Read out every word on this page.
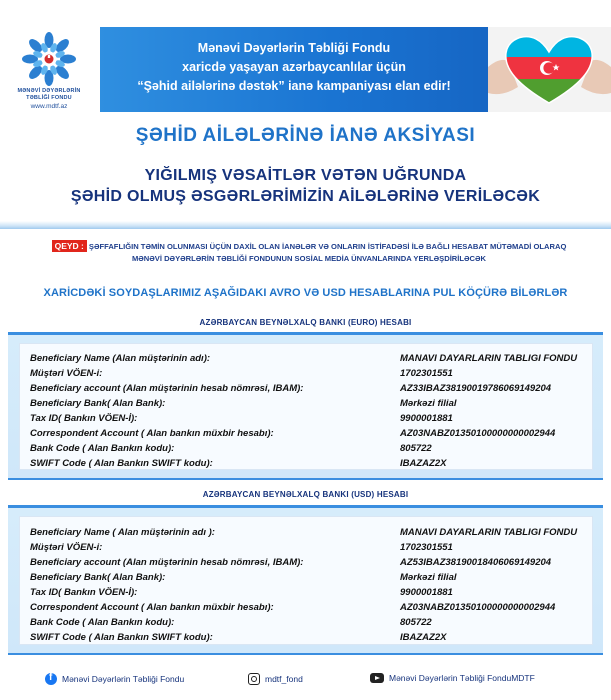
MƏNƏVİ DƏYƏRLƏRİN
TƏBLİĞİ FONDU
www.mdtf.az
Mənəvi Dəyərlərin Təbliği Fondu
xaricdə yaşayan azərbaycanlılar üçün
“Şəhid ailələrinə dəstək” ianə kampaniyası elan edir!
ŞƏHİD AİLƏLƏRİNƏ İANƏ AKSİYASI
YIĞILMIŞ VƏSAİTLƏR VƏTƏN UĞRUNDA
ŞƏHİD OLMUŞ ƏSGƏRLƏRİMİZİN AİLƏLƏRİNƏ VERİLƏCƏK
QEYD : ŞƏFFAFLIĞIN TƏMİN OLUNMASI ÜÇÜN DAXİL OLAN İANƏLƏR VƏ ONLARIN İSTİFADƏSİ İLƏ BAĞLI HESABAT MÜTƏMADİ OLARAQ
MƏNƏVİ DƏYƏRLƏRİN TƏBLİĞİ FONDUNUN SOSİAL MEDİA ÜNVANLARINDA YERLƏŞDİRİLƏCƏK
XARİCDƏKİ SOYDAŞLARIMIZ AŞAĞIDAKI AVRO VƏ USD HESABLARINA PUL KÖÇÜRƏ BİLƏRLƏR
AZƏRBAYCAN BEYNƏLXALQ BANKI (EURO) HESABI
Beneficiary Name (Alan müştərinin adı):	MANAVI DAYARLARIN TABLIGI FONDU
Müştəri VÖEN-i:	1702301551
Beneficiary account (Alan müştərinin hesab nömrəsi, IBAM):	AZ33IBAZ38190019786069149204
Beneficiary Bank( Alan Bank):	Mərkəzi filial
Tax ID( Bankın VÖEN-İ):	9900001881
Correspondent Account ( Alan bankın müxbir hesabı):	AZ03NABZ01350100000000002944
Bank Code ( Alan Bankın kodu):	805722
SWIFT Code ( Alan Bankın SWIFT kodu):	IBAZAZ2X
AZƏRBAYCAN BEYNƏLXALQ BANKI (USD) HESABI
Beneficiary Name ( Alan müştərinin adı ):	MANAVI DAYARLARIN TABLIGI FONDU
Müştəri VÖEN-i:	1702301551
Beneficiary account (Alan müştərinin hesab nömrəsi, IBAM):	AZ53IBAZ38190018406069149204
Beneficiary Bank( Alan Bank):	Mərkəzi filial
Tax ID( Bankın VÖEN-İ):	9900001881
Correspondent Account ( Alan bankın müxbir hesabı):	AZ03NABZ01350100000000002944
Bank Code ( Alan Bankın kodu):	805722
SWIFT Code ( Alan Bankın SWIFT kodu):	IBAZAZ2X
f
Mənəvi Dəyərlərin Təbliği Fondu	mdtf_fond	Mənəvi Dəyərlərin Təbliği FonduMDTF
